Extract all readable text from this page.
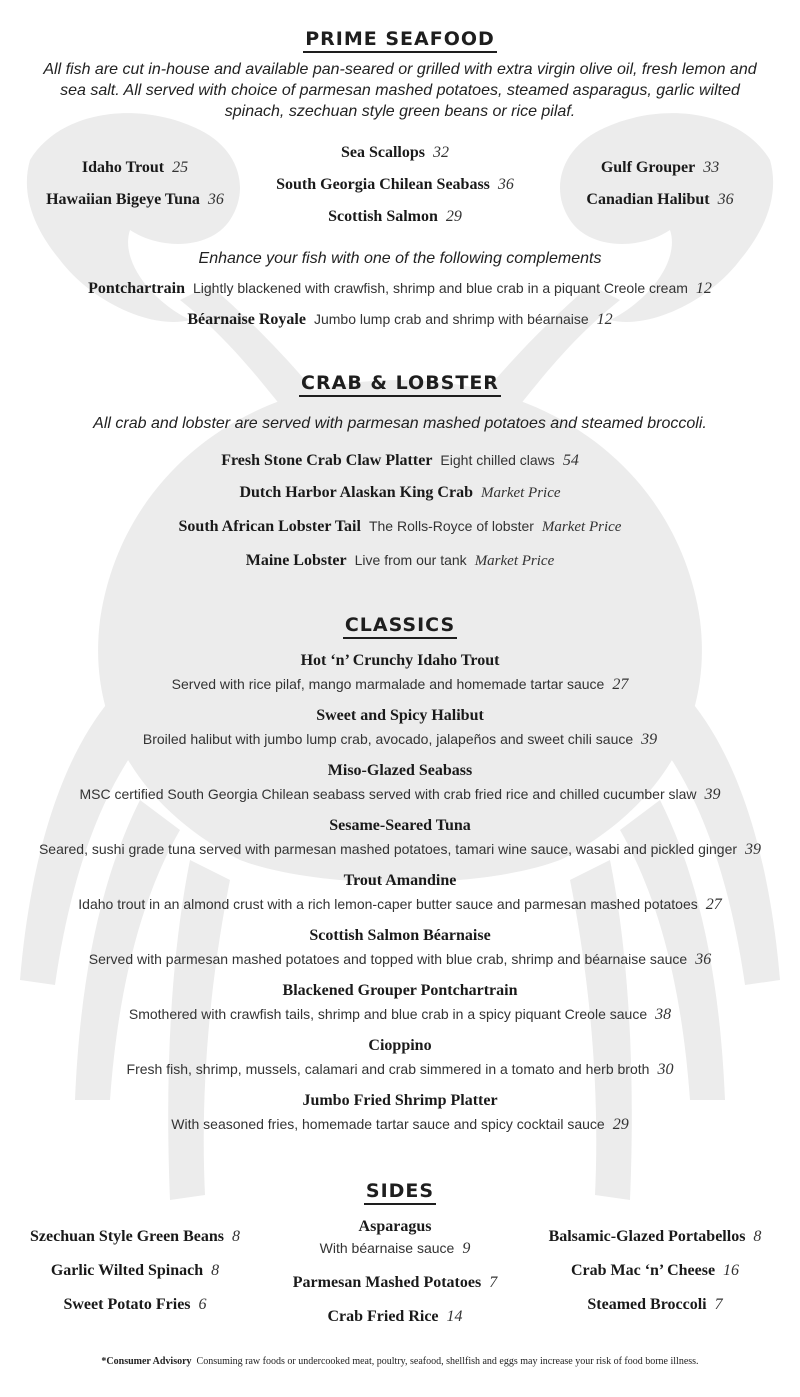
PRIME SEAFOOD
All fish are cut in-house and available pan-seared or grilled with extra virgin olive oil, fresh lemon and sea salt. All served with choice of parmesan mashed potatoes, steamed asparagus, garlic wilted spinach, szechuan style green beans or rice pilaf.
Idaho Trout 25
Hawaiian Bigeye Tuna 36
Sea Scallops 32
South Georgia Chilean Seabass 36
Scottish Salmon 29
Gulf Grouper 33
Canadian Halibut 36
Enhance your fish with one of the following complements
Pontchartrain Lightly blackened with crawfish, shrimp and blue crab in a piquant Creole cream 12
Béarnaise Royale Jumbo lump crab and shrimp with béarnaise 12
CRAB & LOBSTER
All crab and lobster are served with parmesan mashed potatoes and steamed broccoli.
Fresh Stone Crab Claw Platter Eight chilled claws 54
Dutch Harbor Alaskan King Crab Market Price
South African Lobster Tail The Rolls-Royce of lobster Market Price
Maine Lobster Live from our tank Market Price
CLASSICS
Hot ‘n’ Crunchy Idaho Trout
Served with rice pilaf, mango marmalade and homemade tartar sauce 27
Sweet and Spicy Halibut
Broiled halibut with jumbo lump crab, avocado, jalapeños and sweet chili sauce 39
Miso-Glazed Seabass
MSC certified South Georgia Chilean seabass served with crab fried rice and chilled cucumber slaw 39
Sesame-Seared Tuna
Seared, sushi grade tuna served with parmesan mashed potatoes, tamari wine sauce, wasabi and pickled ginger 39
Trout Amandine
Idaho trout in an almond crust with a rich lemon-caper butter sauce and parmesan mashed potatoes 27
Scottish Salmon Béarnaise
Served with parmesan mashed potatoes and topped with blue crab, shrimp and béarnaise sauce 36
Blackened Grouper Pontchartrain
Smothered with crawfish tails, shrimp and blue crab in a spicy piquant Creole sauce 38
Cioppino
Fresh fish, shrimp, mussels, calamari and crab simmered in a tomato and herb broth 30
Jumbo Fried Shrimp Platter
With seasoned fries, homemade tartar sauce and spicy cocktail sauce 29
SIDES
Szechuan Style Green Beans 8
Garlic Wilted Spinach 8
Sweet Potato Fries 6
Asparagus
With béarnaise sauce 9
Parmesan Mashed Potatoes 7
Crab Fried Rice 14
Balsamic-Glazed Portabellos 8
Crab Mac ‘n’ Cheese 16
Steamed Broccoli 7
*Consumer Advisory Consuming raw foods or undercooked meat, poultry, seafood, shellfish and eggs may increase your risk of food borne illness.
